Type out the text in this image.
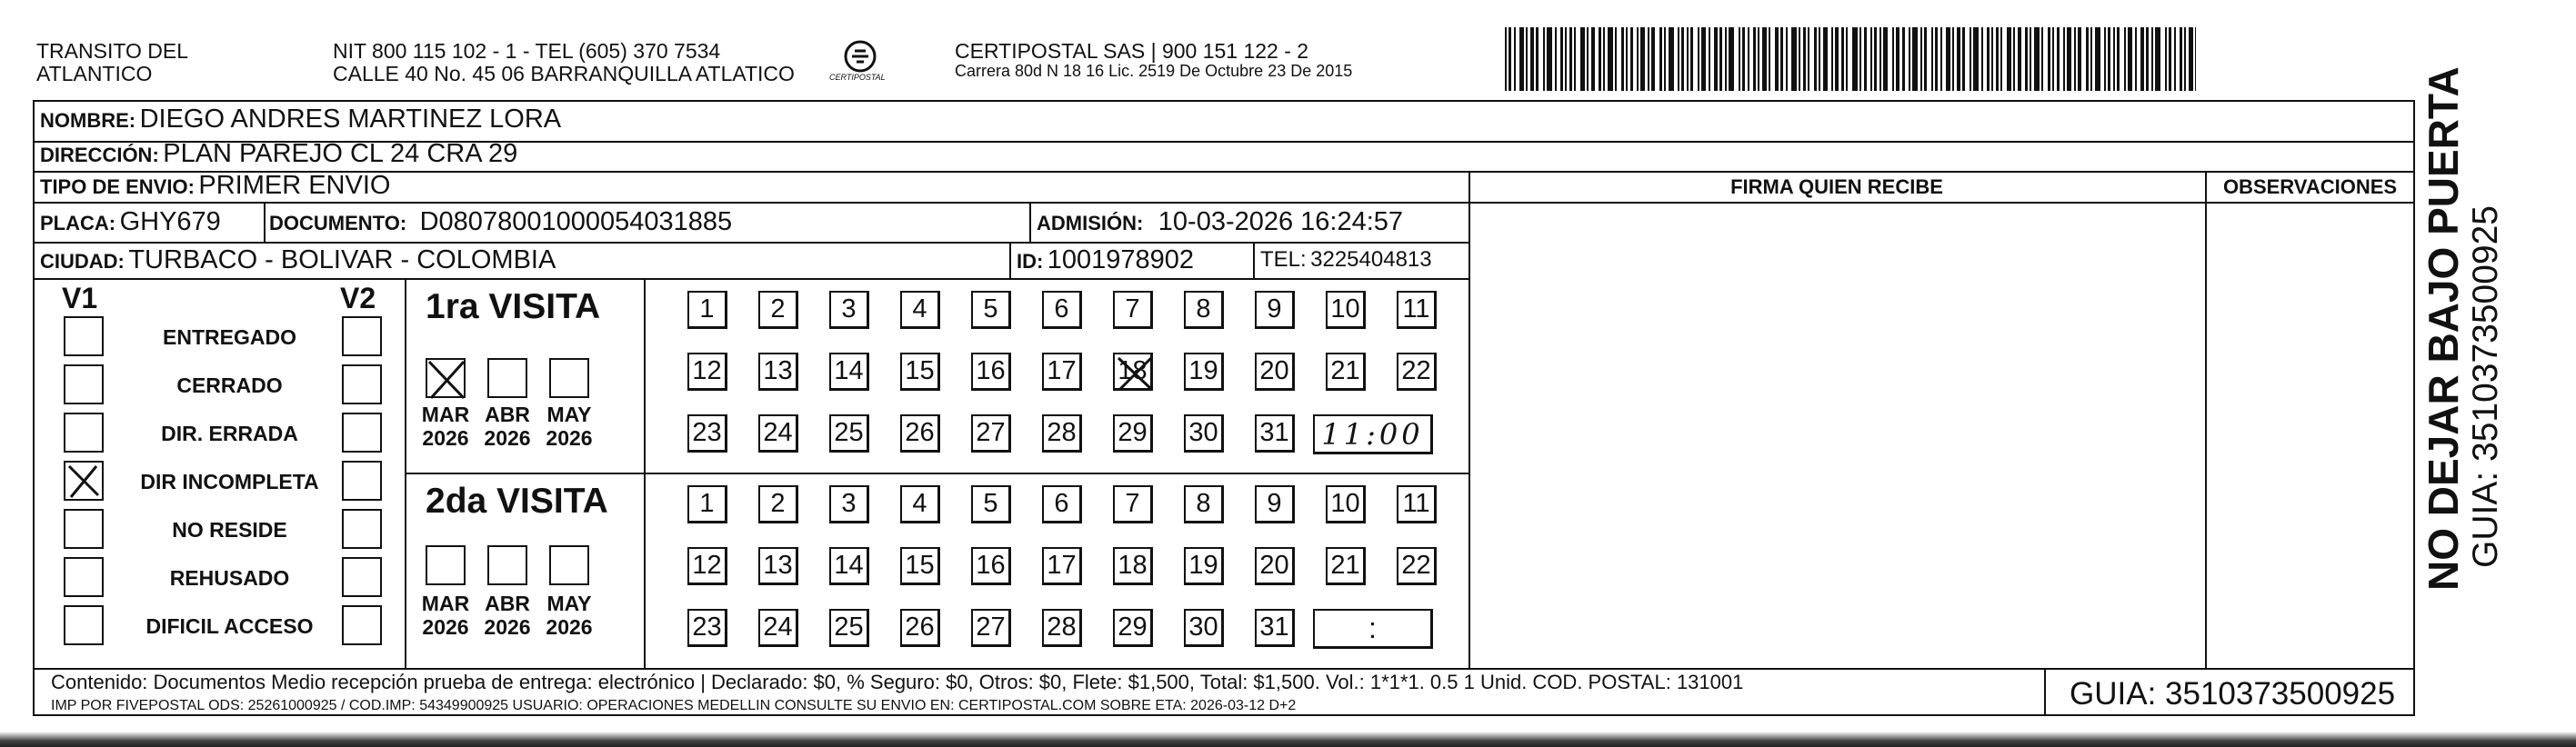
TRANSITO DEL
ATLANTICO
NIT 800 115 102 - 1 - TEL (605) 370 7534
CALLE 40 No. 45 06 BARRANQUILLA ATLATICO	CERTIPOSTAL
CERTIPOSTAL SAS | 900 151 122 - 2
Carrera 80d N 18 16 Lic. 2519 De Octubre 23 De 2015
NOMBRE: DIEGO ANDRES MARTINEZ LORA
DIRECCIÓN: PLAN PAREJO CL 24 CRA 29
TIPO DE ENVIO: PRIMER ENVIO
PLACA: GHY679 DOCUMENTO: D08078001000054031885	ADMISIÓN: 10-03-2026 16:24:57
CIUDAD: TURBACO - BOLIVAR - COLOMBIA	ID: 1001978902	TEL: 3225404813
FIRMA QUIEN RECIBE	OBSERVACIONES
V1	V2
ENTREGADO
CERRADO
DIR. ERRADA
DIR INCOMPLETA
NO RESIDE
REHUSADO
DIFICIL ACCESO
1ra VISITA
2da VISITA
MAR
2026
ABR
2026
MAY
2026
1 2 3 4 5 6 7 8 9 10 11
12 13 14 15 16 17 18 19 20 21 22
23 24 25 26 27 28 29 30 31 11:00
MAR
2026
ABR
2026
MAY
2026
1 2 3 4 5 6 7 8 9 10 11
12 13 14 15 16 17 18 19 20 21 22
23 24 25 26 27 28 29 30 31	:
Contenido: Documentos Medio recepción prueba de entrega: electrónico | Declarado: $0, % Seguro: $0, Otros: $0, Flete: $1,500, Total: $1,500. Vol.: 1*1*1. 0.5 1 Unid. COD. POSTAL: 131001
IMP POR FIVEPOSTAL ODS: 25261000925 / COD.IMP: 54349900925 USUARIO: OPERACIONES MEDELLIN CONSULTE SU ENVIO EN: CERTIPOSTAL.COM SOBRE ETA: 2026-03-12 D+2	GUIA: 3510373500925
NO DEJAR BAJO PUERTA GUIA: 3510373500925
